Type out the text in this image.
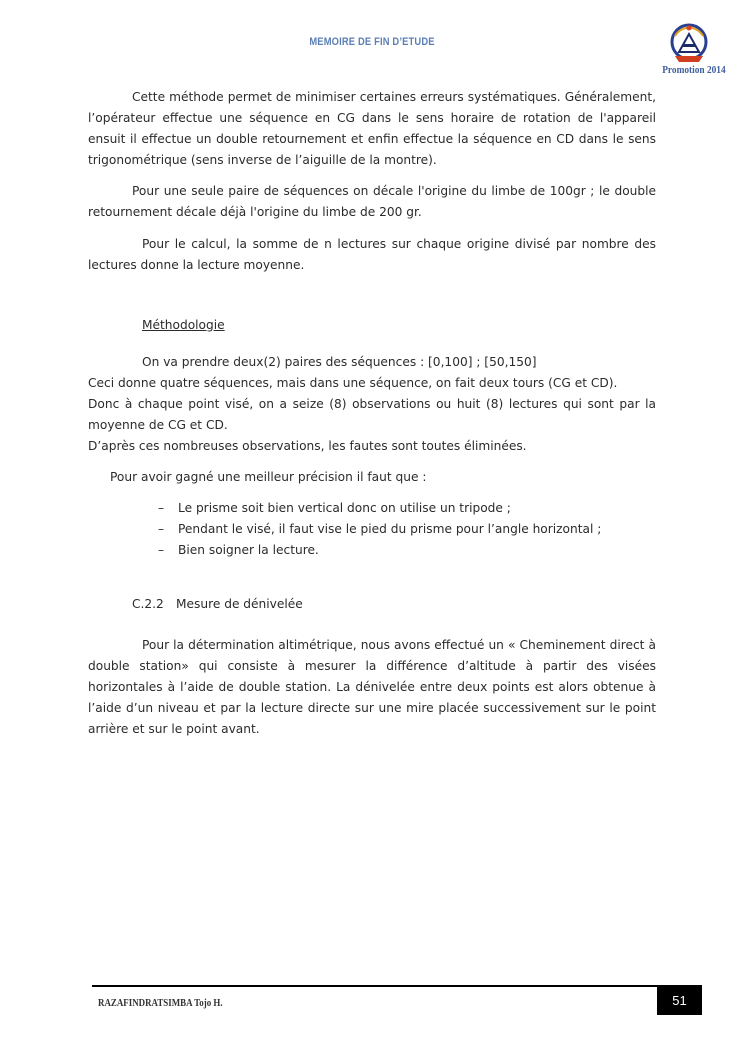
MEMOIRE DE FIN D’ETUDE
Promotion 2014

Cette méthode permet de minimiser certaines erreurs systématiques. Généralement, l’opérateur effectue une séquence en CG dans le sens horaire de rotation de l'appareil ensuit il effectue un double retournement et enfin effectue la séquence en CD dans le sens trigonométrique (sens inverse de l’aiguille de la montre).

Pour une seule paire de séquences on décale l'origine du limbe de 100gr ; le double retournement décale déjà l'origine du limbe de 200 gr.

Pour le calcul, la somme de n lectures sur chaque origine divisé par nombre des lectures donne la lecture moyenne.

Méthodologie

On va prendre deux(2) paires des séquences : [0,100] ; [50,150]

Ceci donne quatre séquences, mais dans une séquence, on fait deux tours (CG et CD).

Donc à chaque point visé, on a seize (8) observations ou huit (8) lectures qui sont par la moyenne de CG et CD.

D’après ces nombreuses observations, les fautes sont toutes éliminées.

Pour avoir gagné une meilleur précision il faut que :

– Le prisme soit bien vertical donc on utilise un tripode ;
– Pendant le visé, il faut vise le pied du prisme pour l’angle horizontal ;
– Bien soigner la lecture.

C.2.2 Mesure de dénivelée

Pour la détermination altimétrique, nous avons effectué un « Cheminement direct à double station» qui consiste à mesurer la différence d’altitude à partir des visées horizontales à l’aide de double station. La dénivelée entre deux points est alors obtenue à l’aide d’un niveau et par la lecture directe sur une mire placée successivement sur le point arrière et sur le point avant.

RAZAFINDRATSIMBA Tojo H.	51
